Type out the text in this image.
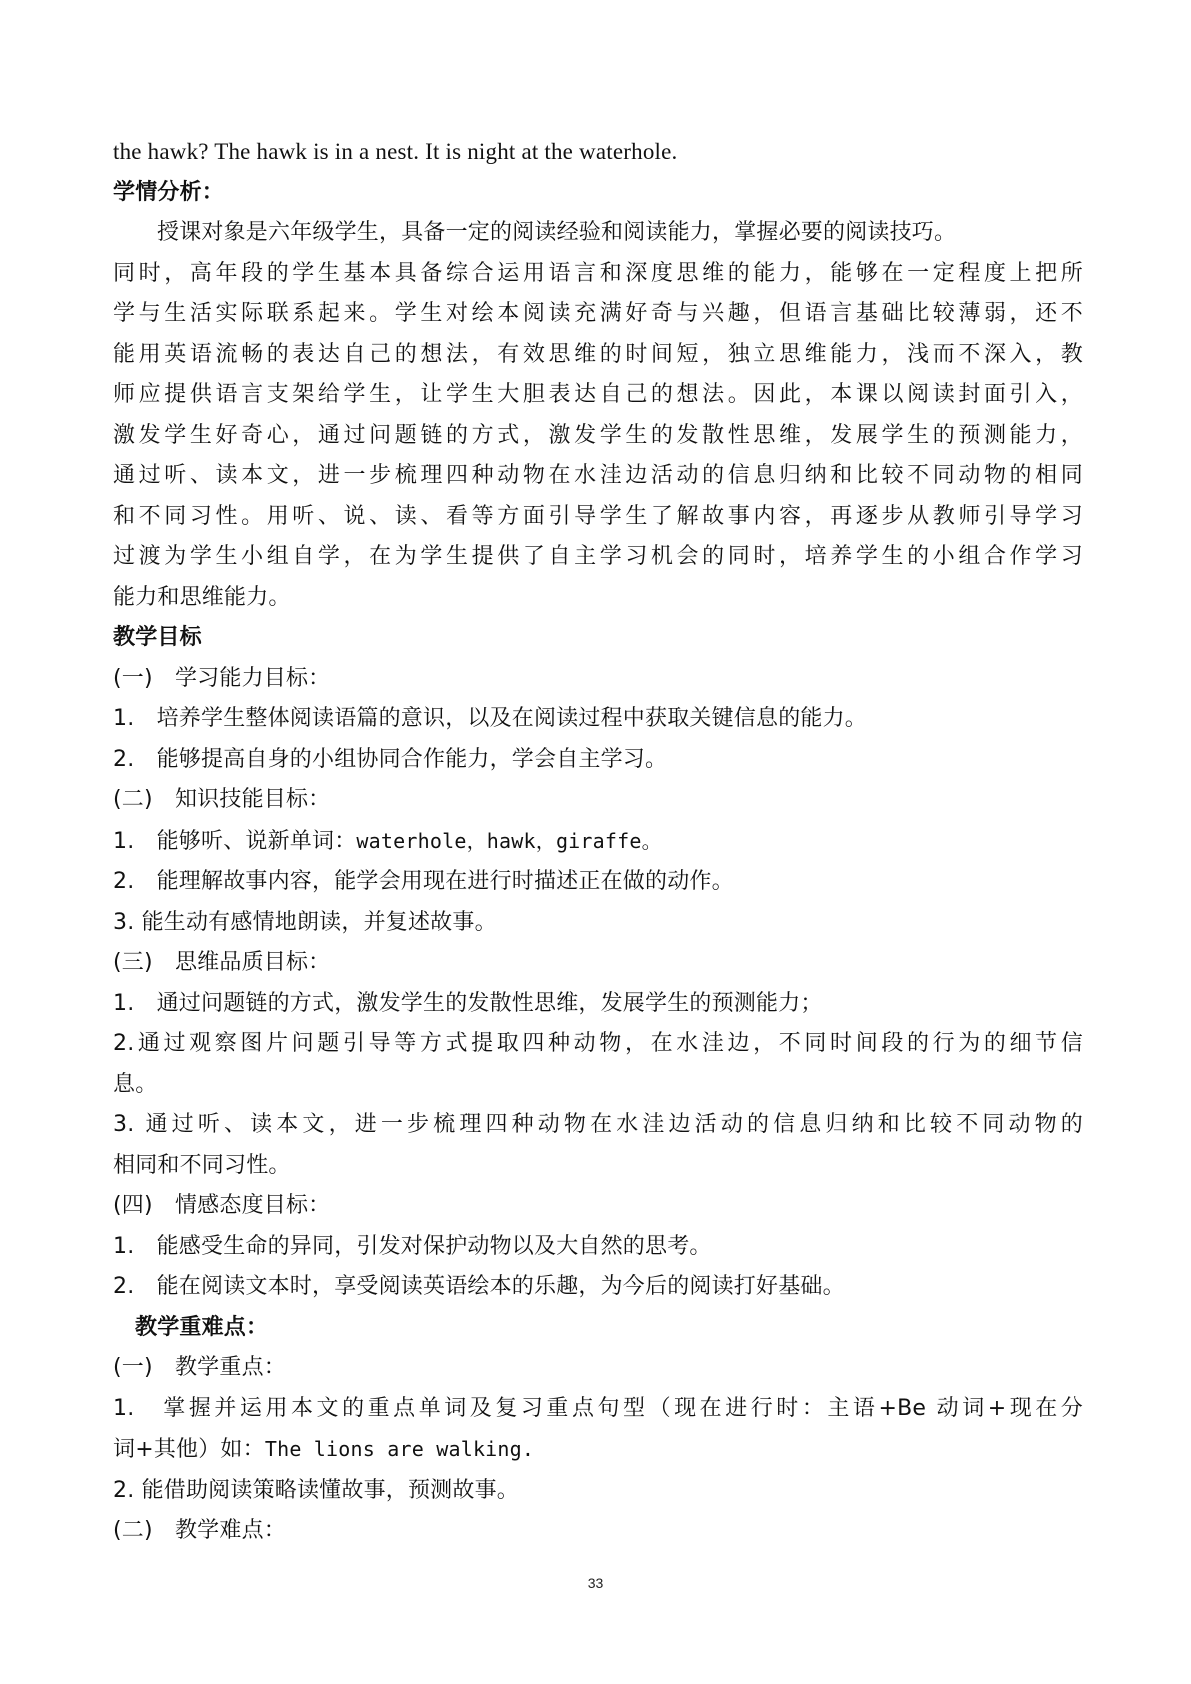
the hawk? The hawk is in a nest. It is night at the waterhole.
学情分析：
授课对象是六年级学生，具备一定的阅读经验和阅读能力，掌握必要的阅读技巧。
同时，高年段的学生基本具备综合运用语言和深度思维的能力，能够在一定程度上把所
学与生活实际联系起来。学生对绘本阅读充满好奇与兴趣，但语言基础比较薄弱，还不
能用英语流畅的表达自己的想法，有效思维的时间短，独立思维能力，浅而不深入，教
师应提供语言支架给学生，让学生大胆表达自己的想法。因此，本课以阅读封面引入，
激发学生好奇心，通过问题链的方式，激发学生的发散性思维，发展学生的预测能力，
通过听、读本文，进一步梳理四种动物在水洼边活动的信息归纳和比较不同动物的相同
和不同习性。用听、说、读、看等方面引导学生了解故事内容，再逐步从教师引导学习
过渡为学生小组自学，在为学生提供了自主学习机会的同时，培养学生的小组合作学习
能力和思维能力。
教学目标
(一)　学习能力目标：
1.　培养学生整体阅读语篇的意识，以及在阅读过程中获取关键信息的能力。
2.　能够提高自身的小组协同合作能力，学会自主学习。
(二)　知识技能目标：
1.　能够听、说新单词：waterhole，hawk，giraffe。
2.　能理解故事内容，能学会用现在进行时描述正在做的动作。
3. 能生动有感情地朗读，并复述故事。
(三)　思维品质目标：
1.　通过问题链的方式，激发学生的发散性思维，发展学生的预测能力；
2.通过观察图片问题引导等方式提取四种动物，在水洼边，不同时间段的行为的细节信
息。
3. 通过听、读本文，进一步梳理四种动物在水洼边活动的信息归纳和比较不同动物的
相同和不同习性。
(四)　情感态度目标：
1.　能感受生命的异同，引发对保护动物以及大自然的思考。
2.　能在阅读文本时，享受阅读英语绘本的乐趣，为今后的阅读打好基础。
教学重难点：
(一)　教学重点：
1.　掌握并运用本文的重点单词及复习重点句型（现在进行时：主语+Be 动词+现在分
词+其他）如：The lions are walking.
2. 能借助阅读策略读懂故事，预测故事。
(二)　教学难点：
33
